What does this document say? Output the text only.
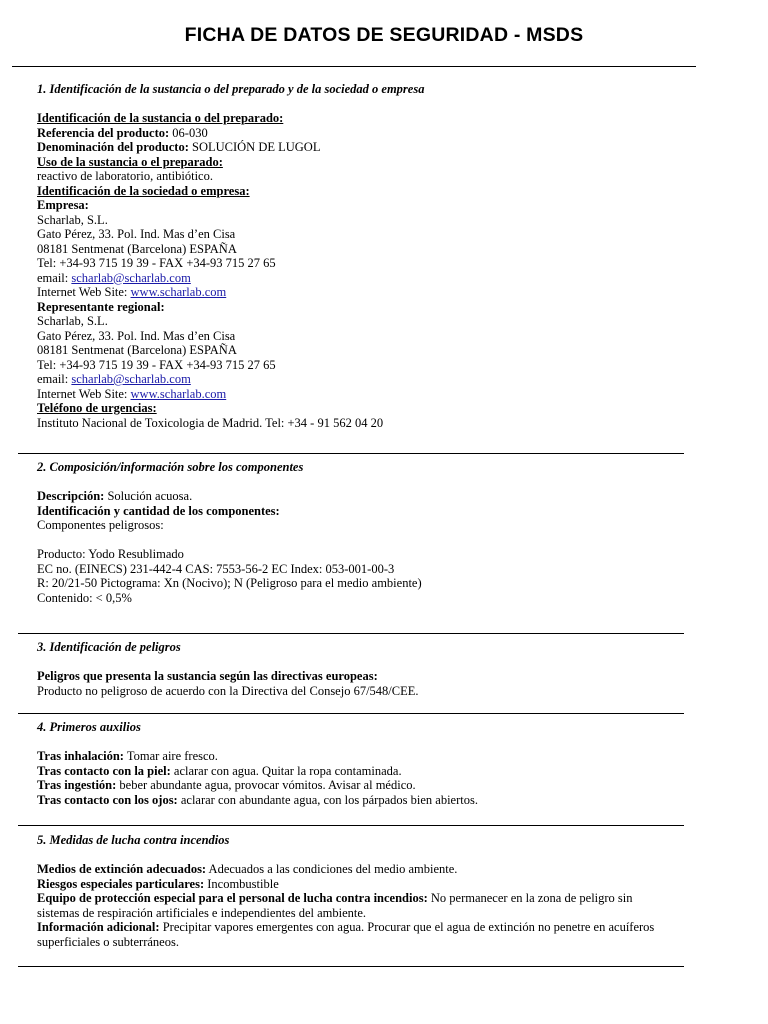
FICHA DE DATOS DE SEGURIDAD - MSDS
1. Identificación de la sustancia o del preparado y de la sociedad o empresa
Identificación de la sustancia o del preparado:
Referencia del producto: 06-030
Denominación del producto: SOLUCIÓN DE LUGOL
Uso de la sustancia o el preparado:
reactivo de laboratorio, antibiótico.
Identificación de la sociedad o empresa:
Empresa:
Scharlab, S.L.
Gato Pérez, 33. Pol. Ind. Mas d’en Cisa
08181 Sentmenat (Barcelona) ESPAÑA
Tel: +34-93 715 19 39 - FAX +34-93 715 27 65
email: scharlab@scharlab.com
Internet Web Site: www.scharlab.com
Representante regional:
Scharlab, S.L.
Gato Pérez, 33. Pol. Ind. Mas d’en Cisa
08181 Sentmenat (Barcelona) ESPAÑA
Tel: +34-93 715 19 39 - FAX +34-93 715 27 65
email: scharlab@scharlab.com
Internet Web Site: www.scharlab.com
Teléfono de urgencias:
Instituto Nacional de Toxicologia de Madrid. Tel: +34 - 91 562 04 20
2. Composición/información sobre los componentes
Descripción: Solución acuosa.
Identificación y cantidad de los componentes:
Componentes peligrosos:
Producto: Yodo Resublimado
EC no. (EINECS) 231-442-4 CAS: 7553-56-2 EC Index: 053-001-00-3
R: 20/21-50 Pictograma: Xn (Nocivo); N (Peligroso para el medio ambiente)
Contenido: < 0,5%
3. Identificación de peligros
Peligros que presenta la sustancia según las directivas europeas:
Producto no peligroso de acuerdo con la Directiva del Consejo 67/548/CEE.
4. Primeros auxilios
Tras inhalación: Tomar aire fresco.
Tras contacto con la piel: aclarar con agua. Quitar la ropa contaminada.
Tras ingestión: beber abundante agua, provocar vómitos. Avisar al médico.
Tras contacto con los ojos: aclarar con abundante agua, con los párpados bien abiertos.
5. Medidas de lucha contra incendios
Medios de extinción adecuados: Adecuados a las condiciones del medio ambiente.
Riesgos especiales particulares: Incombustible
Equipo de protección especial para el personal de lucha contra incendios: No permanecer en la zona de peligro sin sistemas de respiración artificiales e independientes del ambiente.
Información adicional: Precipitar vapores emergentes con agua. Procurar que el agua de extinción no penetre en acuíferos superficiales o subterráneos.
